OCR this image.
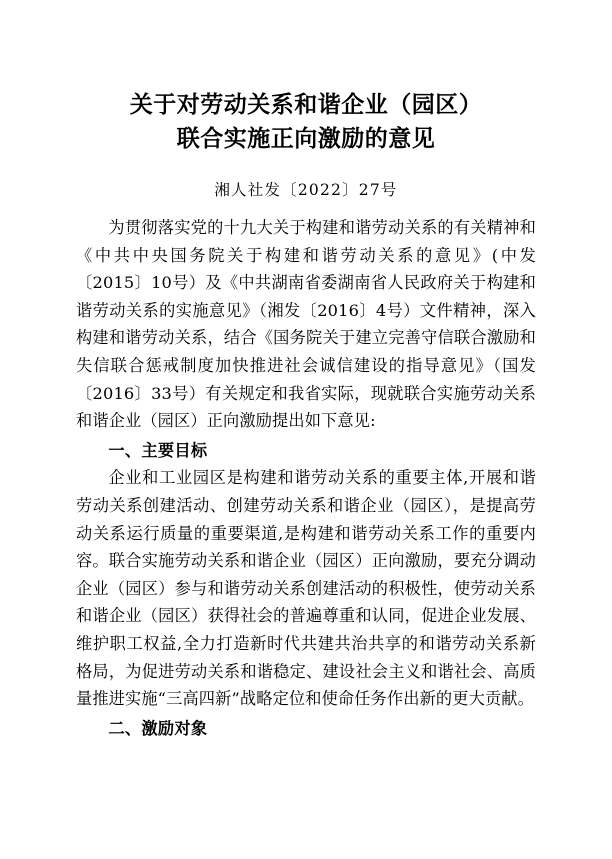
关于对劳动关系和谐企业（园区）
联合实施正向激励的意见

湘人社发〔2022〕27号

为贯彻落实党的十九大关于构建和谐劳动关系的有关精神和《中共中央国务院关于构建和谐劳动关系的意见》(中发〔2015〕10号）及《中共湖南省委湖南省人民政府关于构建和谐劳动关系的实施意见》（湘发〔2016〕4号）文件精神，深入构建和谐劳动关系，结合《国务院关于建立完善守信联合激励和失信联合惩戒制度加快推进社会诚信建设的指导意见》（国发〔2016〕33号）有关规定和我省实际，现就联合实施劳动关系和谐企业（园区）正向激励提出如下意见:

一、主要目标

企业和工业园区是构建和谐劳动关系的重要主体,开展和谐劳动关系创建活动、创建劳动关系和谐企业（园区），是提高劳动关系运行质量的重要渠道,是构建和谐劳动关系工作的重要内容。联合实施劳动关系和谐企业（园区）正向激励，要充分调动企业（园区）参与和谐劳动关系创建活动的积极性，使劳动关系和谐企业（园区）获得社会的普遍尊重和认同，促进企业发展、维护职工权益,全力打造新时代共建共治共享的和谐劳动关系新格局，为促进劳动关系和谐稳定、建设社会主义和谐社会、高质量推进实施“三高四新”战略定位和使命任务作出新的更大贡献。

二、激励对象
